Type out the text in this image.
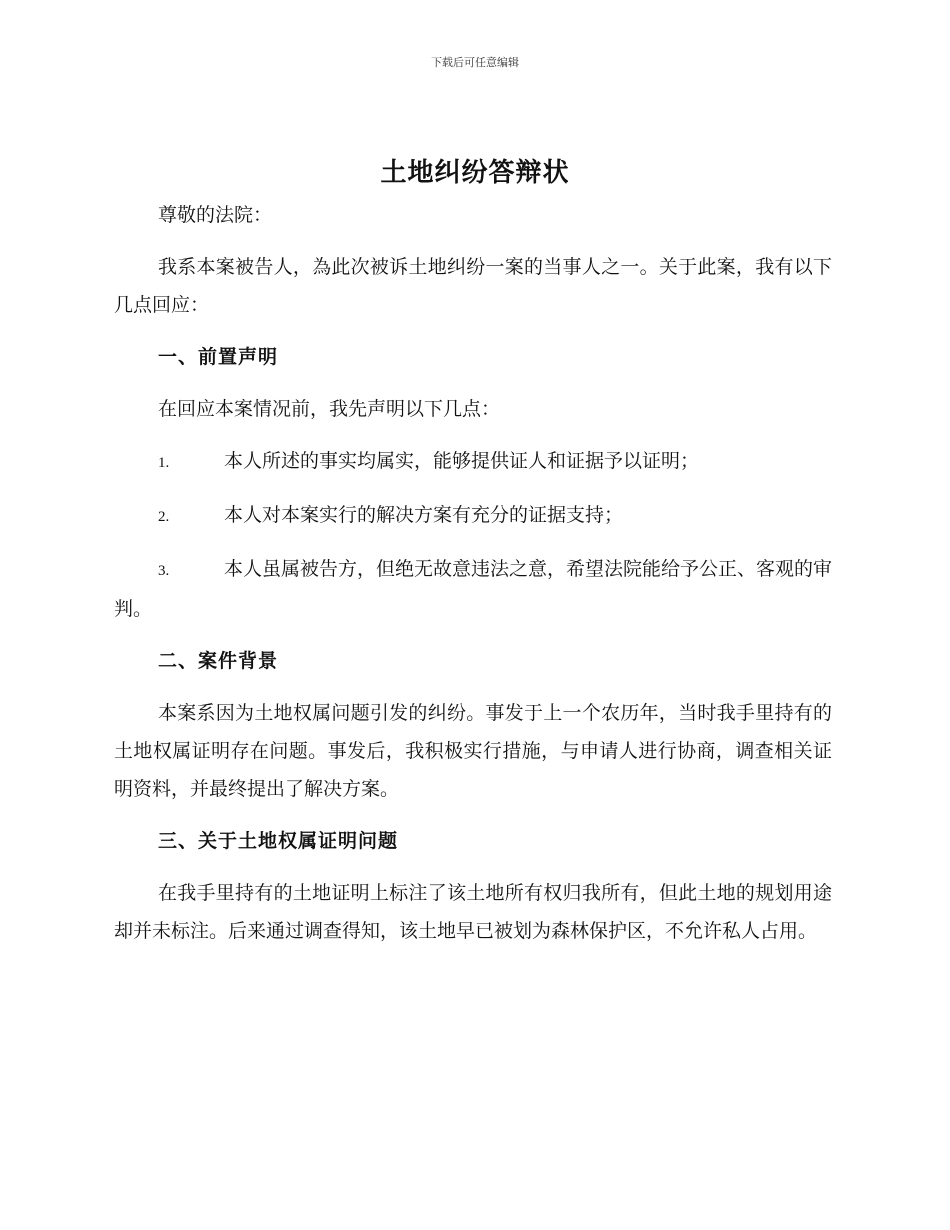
下载后可任意编辑
土地纠纷答辩状

尊敬的法院：

我系本案被告人，為此次被诉土地纠纷一案的当事人之一。关于此案，我有以下几点回应：

一、前置声明

在回应本案情况前，我先声明以下几点：

1.	本人所述的事实均属实，能够提供证人和证据予以证明；

2.	本人对本案实行的解决方案有充分的证据支持；

3.	本人虽属被告方，但绝无故意违法之意，希望法院能给予公正、客观的审判。

二、案件背景

本案系因为土地权属问题引发的纠纷。事发于上一个农历年，当时我手里持有的土地权属证明存在问题。事发后，我积极实行措施，与申请人进行协商，调查相关证明资料，并最终提出了解决方案。

三、关于土地权属证明问题

在我手里持有的土地证明上标注了该土地所有权归我所有，但此土地的规划用途却并未标注。后来通过调查得知，该土地早已被划为森林保护区，不允许私人占用。
